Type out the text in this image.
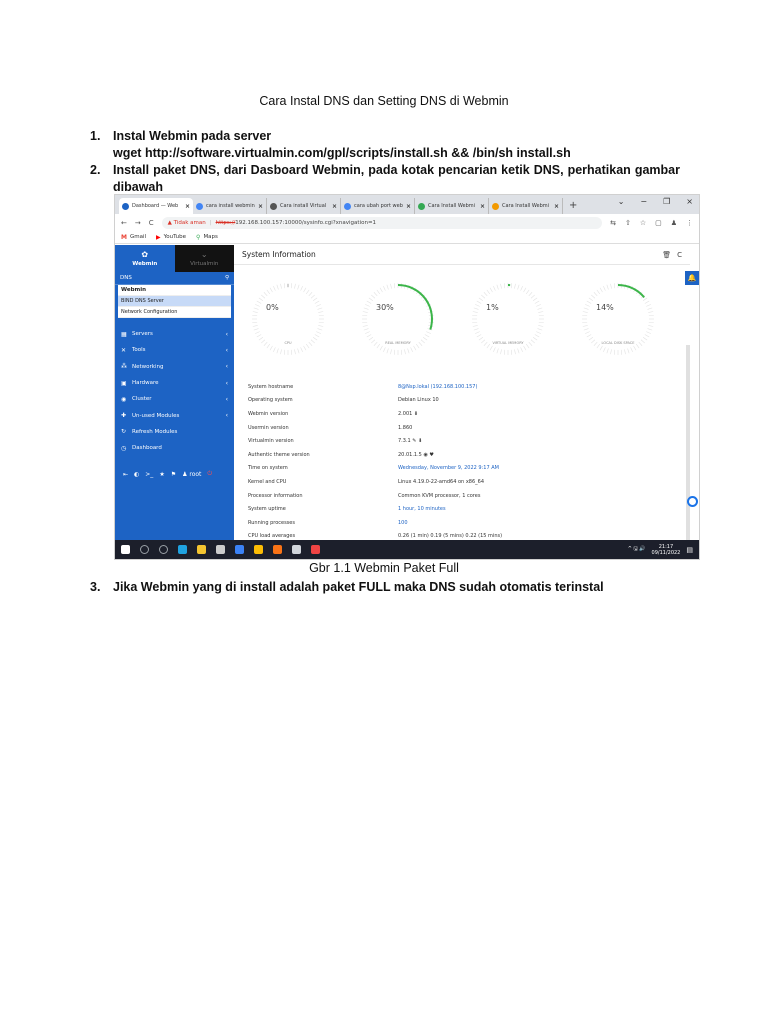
Cara Instal DNS dan Setting DNS di Webmin
1. Instal Webmin pada server
wget http://software.virtualmin.com/gpl/scripts/install.sh && /bin/sh install.sh
2. Install paket DNS, dari Dasboard Webmin, pada kotak pencarian ketik DNS, perhatikan gambar dibawah
Dashboard — Web	×	cara install webmin ×	Cara install Virtual ×	cara ubah port web ×	Cara Install Webmi ×	Cara Install Webmi ×	+	⌄ − ❐ ×
← → C	▲ Tidak aman | https:// 192.168.100.157:10000/sysinfo.cgi?xnavigation=1	⇆ ⇧ ☆ ▢ ♟ ⋮
M Gmail ▶ YouTube ⚲ Maps
✿
Webmin
⌄
Virtualmin
DNS	⚲
Webmin
BIND DNS Server
Network Configuration
▦ Servers	‹
✕	Tools	‹
⁂ Networking	‹
▣ Hardware	‹
◉	Cluster	‹
✚	Un-used Modules	‹
↻	Refresh Modules
◷	Dashboard
⇤ ◐ >_ ★ ⚑ ♟ root ⏻
System Information	🗑 C
0%
CPU
30%
REAL MEMORY
1%
VIRTUAL MEMORY
14%
LOCAL DISK SPACE
System hostname	8@Nsp.lokal (192.168.100.157)
Operating system	Debian Linux 10
Webmin version	2.001 ⬇
Usermin version	1.860
Virtualmin version	7.3.1 ✎ ⬇
Authentic theme version	20.01.1.5 ◉ ♥
Time on system	Wednesday, November 9, 2022 9:17 AM
Kernel and CPU	Linux 4.19.0-22-amd64 on x86_64
Processor information	Common KVM processor, 1 cores
System uptime	1 hour, 10 minutes
Running processes	100
CPU load averages	0.26 (1 min) 0.19 (5 mins) 0.22 (15 mins)
🔔
^ 🖫 🔊	21:17
09/11/2022 ▤
Gbr 1.1 Webmin Paket Full
3. Jika Webmin yang di install adalah paket FULL maka DNS sudah otomatis terinstal
